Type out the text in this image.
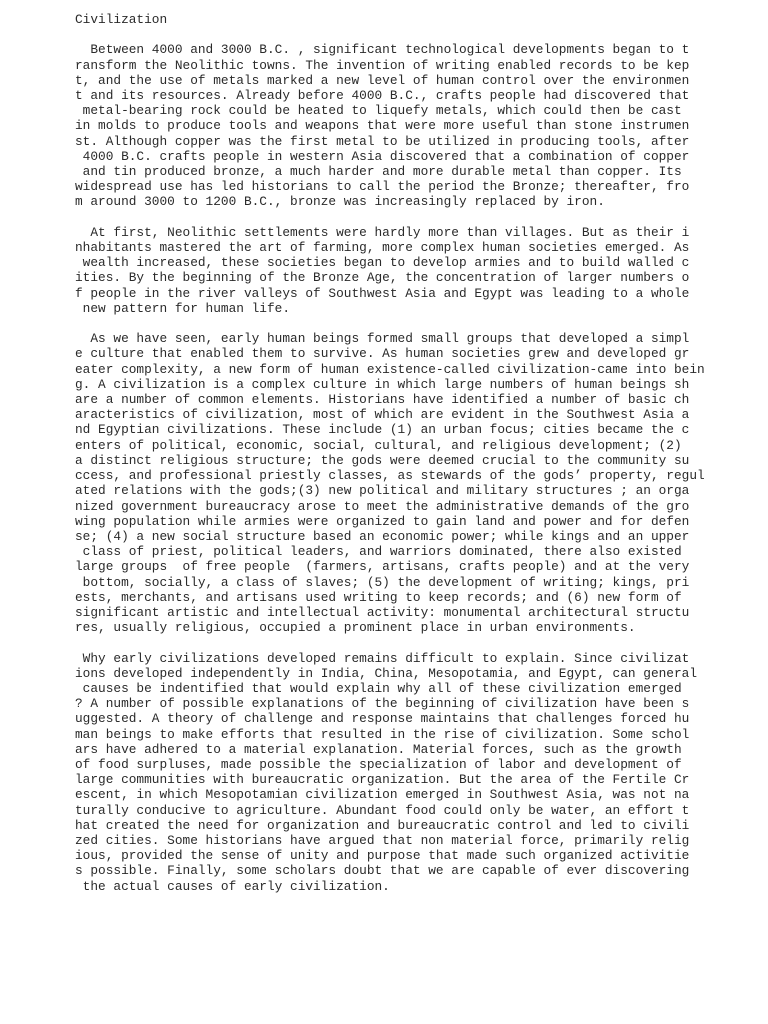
Civilization

Between 4000 and 3000 B.C. , significant technological developments began to t
ransform the Neolithic towns. The invention of writing enabled records to be kep
t, and the use of metals marked a new level of human control over the environmen
t and its resources. Already before 4000 B.C., crafts people had discovered that
metal-bearing rock could be heated to liquefy metals, which could then be cast
in molds to produce tools and weapons that were more useful than stone instrumen
st. Although copper was the first metal to be utilized in producing tools, after
4000 B.C. crafts people in western Asia discovered that a combination of copper
and tin produced bronze, a much harder and more durable metal than copper. Its
widespread use has led historians to call the period the Bronze; thereafter, fro
m around 3000 to 1200 B.C., bronze was increasingly replaced by iron.

At first, Neolithic settlements were hardly more than villages. But as their i
nhabitants mastered the art of farming, more complex human societies emerged. As
wealth increased, these societies began to develop armies and to build walled c
ities. By the beginning of the Bronze Age, the concentration of larger numbers o
f people in the river valleys of Southwest Asia and Egypt was leading to a whole
new pattern for human life.

As we have seen, early human beings formed small groups that developed a simpl
e culture that enabled them to survive. As human societies grew and developed gr
eater complexity, a new form of human existence-called civilization-came into bein
g. A civilization is a complex culture in which large numbers of human beings sh
are a number of common elements. Historians have identified a number of basic ch
aracteristics of civilization, most of which are evident in the Southwest Asia a
nd Egyptian civilizations. These include (1) an urban focus; cities became the c
enters of political, economic, social, cultural, and religious development; (2)
a distinct religious structure; the gods were deemed crucial to the community su
ccess, and professional priestly classes, as stewards of the gods’ property, regul
ated relations with the gods;(3) new political and military structures ; an orga
nized government bureaucracy arose to meet the administrative demands of the gro
wing population while armies were organized to gain land and power and for defen
se; (4) a new social structure based an economic power; while kings and an upper
class of priest, political leaders, and warriors dominated, there also existed
large groups  of free people  (farmers, artisans, crafts people) and at the very
bottom, socially, a class of slaves; (5) the development of writing; kings, pri
ests, merchants, and artisans used writing to keep records; and (6) new form of
significant artistic and intellectual activity: monumental architectural structu
res, usually religious, occupied a prominent place in urban environments.

Why early civilizations developed remains difficult to explain. Since civilizat
ions developed independently in India, China, Mesopotamia, and Egypt, can general
causes be indentified that would explain why all of these civilization emerged
? A number of possible explanations of the beginning of civilization have been s
uggested. A theory of challenge and response maintains that challenges forced hu
man beings to make efforts that resulted in the rise of civilization. Some schol
ars have adhered to a material explanation. Material forces, such as the growth
of food surpluses, made possible the specialization of labor and development of
large communities with bureaucratic organization. But the area of the Fertile Cr
escent, in which Mesopotamian civilization emerged in Southwest Asia, was not na
turally conducive to agriculture. Abundant food could only be water, an effort t
hat created the need for organization and bureaucratic control and led to civili
zed cities. Some historians have argued that non material force, primarily relig
ious, provided the sense of unity and purpose that made such organized activitie
s possible. Finally, some scholars doubt that we are capable of ever discovering
the actual causes of early civilization.
